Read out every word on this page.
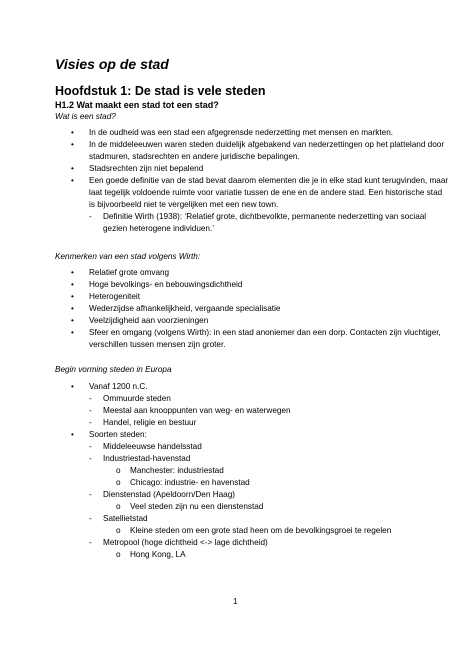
Visies op de stad
Hoofdstuk 1: De stad is vele steden
H1.2 Wat maakt een stad tot een stad?

Wat is een stad?

• In de oudheid was een stad een afgegrensde nederzetting met mensen en markten.
• In de middeleeuwen waren steden duidelijk afgebakend van nederzettingen op het platteland door stadmuren, stadsrechten en andere juridische bepalingen.
• Stadsrechten zijn niet bepalend
• Een goede definitie van de stad bevat daarom elementen die je in elke stad kunt terugvinden, maar laat tegelijk voldoende ruimte voor variatie tussen de ene en de andere stad. Een historische stad is bijvoorbeeld niet te vergelijken met een new town.
- Definitie Wirth (1938): ‘Relatief grote, dichtbevolkte, permanente nederzetting van sociaal gezien heterogene individuen.’

Kenmerken van een stad volgens Wirth:

• Relatief grote omvang
• Hoge bevolkings- en bebouwingsdichtheid
• Heterogeniteit
• Wederzijdse afhankelijkheid, vergaande specialisatie
• Veelzijdigheid aan voorzieningen
• Sfeer en omgang (volgens Wirth): in een stad anoniemer dan een dorp. Contacten zijn vluchtiger, verschillen tussen mensen zijn groter.

Begin vorming steden in Europa

• Vanaf 1200 n.C.
- Ommuurde steden
- Meestal aan knooppunten van weg- en waterwegen
- Handel, religie en bestuur
• Soorten steden:
- Middeleeuwse handelsstad
- Industriestad-havenstad
o Manchester: industriestad
o Chicago: industrie- en havenstad
- Dienstenstad (Apeldoorn/Den Haag)
o Veel steden zijn nu een dienstenstad
- Satellietstad
o Kleine steden om een grote stad heen om de bevolkingsgroei te regelen
- Metropool (hoge dichtheid <-> lage dichtheid)
o Hong Kong, LA
1
